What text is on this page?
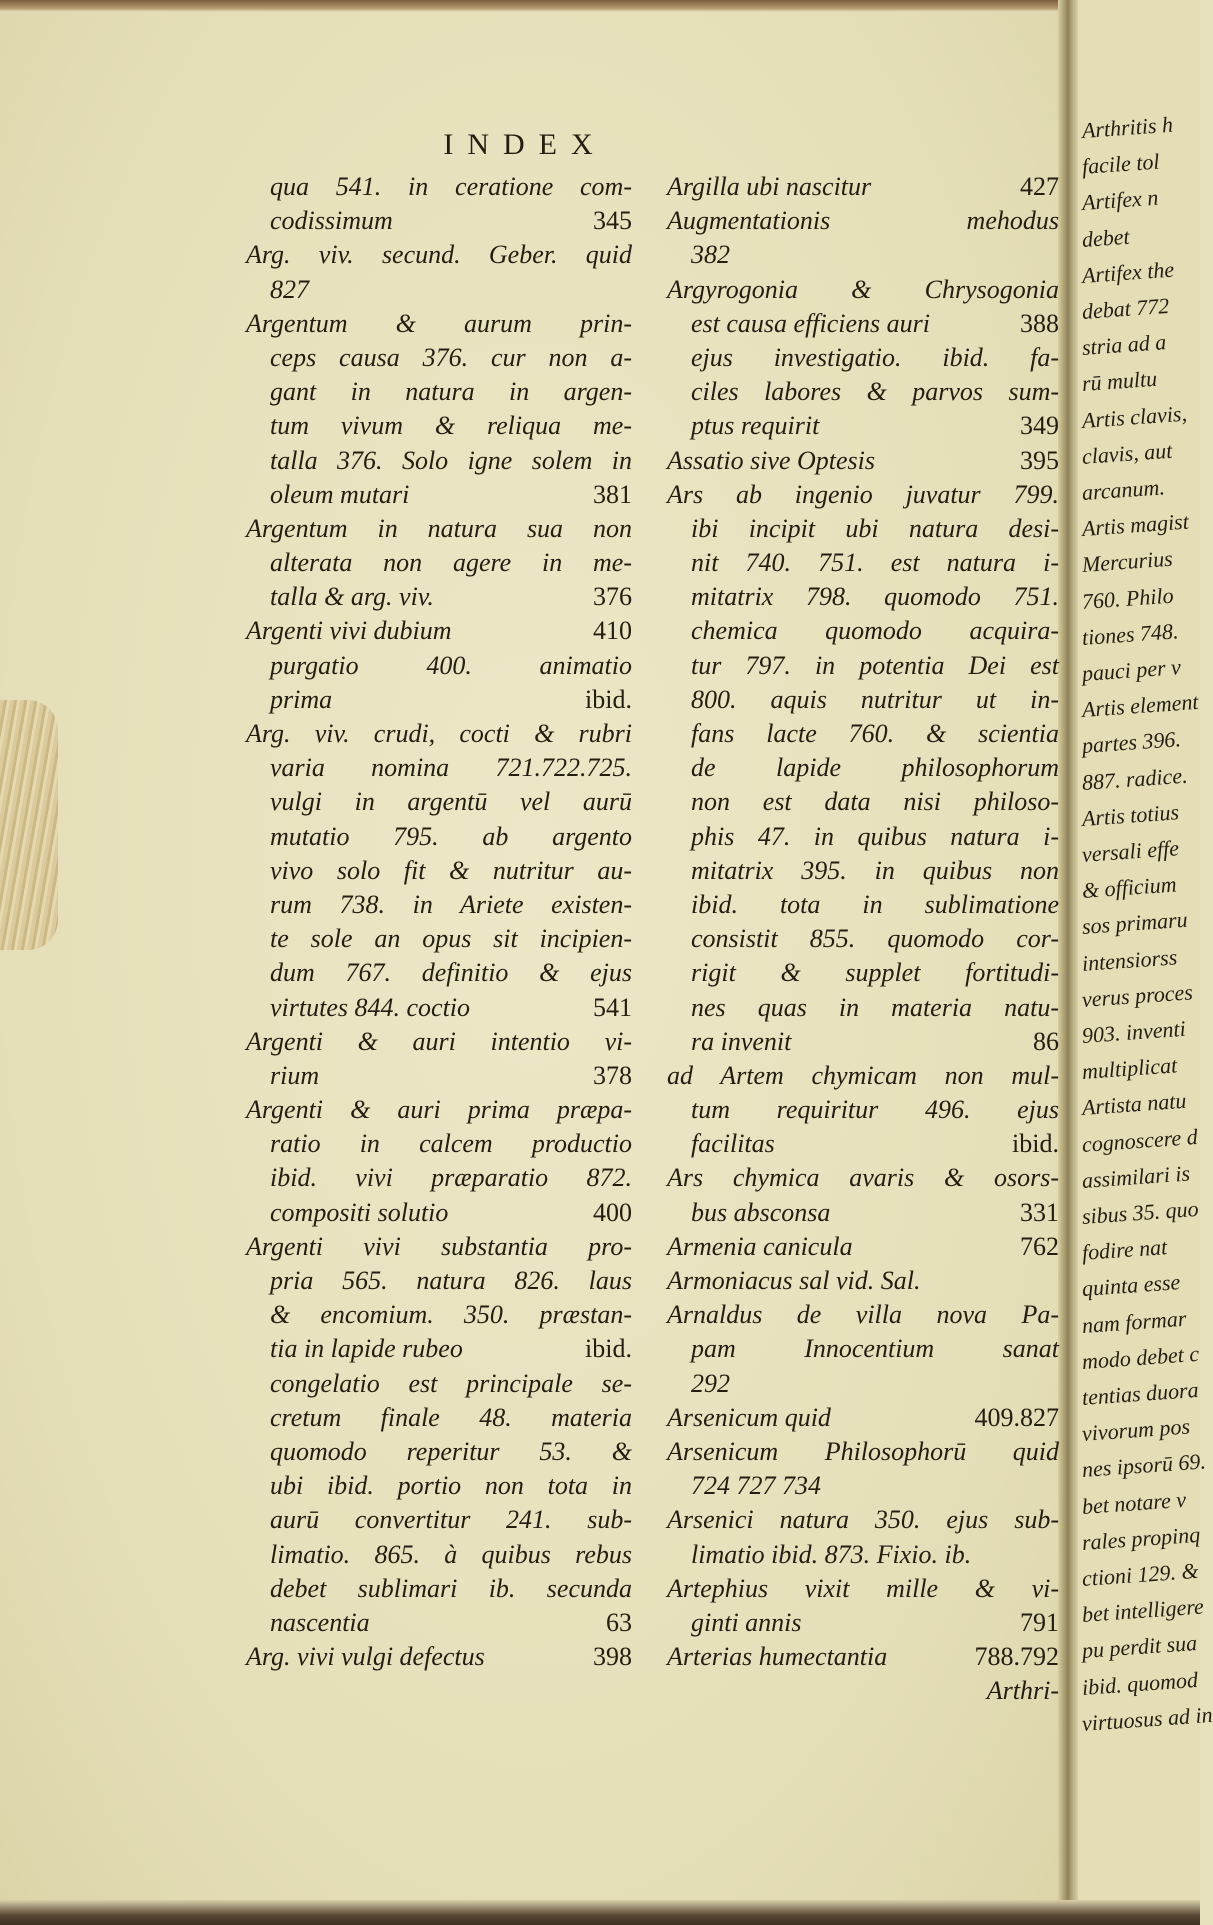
Arthritis h
facile tol
Artifex n
debet
Artifex the
debat 772
stria ad a
rū multu
Artis clavis,
clavis, aut
arcanum.
Artis magist
Mercurius
760. Philo
tiones 748.
pauci per v
Artis element
partes 396.
887. radice.
Artis totius
versali effe
& officium
sos primaru
intensiorss
verus proces
903. inventi
multiplicat
Artista natu
cognoscere d
assimilari is
sibus 35. quo
fodire nat
quinta esse
nam formar
modo debet c
tentias duora
vivorum pos
nes ipsorū 69.
bet notare v
rales propinq
ctioni 129. &
bet intelligere
pu perdit sua
ibid. quomod
virtuosus ad in
INDEX
qua 541. in ceratione com-
codissimum	345
Arg. viv. secund. Geber. quid
827
Argentum & aurum prin-
ceps causa 376. cur non a-
gant in natura in argen-
tum vivum & reliqua me-
talla 376. Solo igne solem in
oleum mutari	381
Argentum in natura sua non
alterata non agere in me-
talla & arg. viv.	376
Argenti vivi dubium	410
purgatio 400. animatio
prima	ibid.
Arg. viv. crudi, cocti & rubri
varia nomina 721.722.725.
vulgi in argentū vel aurū
mutatio 795. ab argento
vivo solo fit & nutritur au-
rum 738. in Ariete existen-
te sole an opus sit incipien-
dum 767. definitio & ejus
virtutes 844. coctio	541
Argenti & auri intentio vi-
rium	378
Argenti & auri prima præpa-
ratio in calcem productio
ibid. vivi præparatio 872.
compositi solutio	400
Argenti vivi substantia pro-
pria 565. natura 826. laus
& encomium. 350. præstan-
tia in lapide rubeo	ibid.
congelatio est principale se-
cretum finale 48. materia
quomodo reperitur 53. &
ubi ibid. portio non tota in
aurū convertitur 241. sub-
limatio. 865. à quibus rebus
debet sublimari ib. secunda
nascentia	63
Arg. vivi vulgi defectus	398
Argilla ubi nascitur	427
Augmentationis mehodus
382
Argyrogonia & Chrysogonia
est causa efficiens auri	388
ejus investigatio. ibid. fa-
ciles labores & parvos sum-
ptus requirit	349
Assatio sive Optesis	395
Ars ab ingenio juvatur 799.
ibi incipit ubi natura desi-
nit 740. 751. est natura i-
mitatrix 798. quomodo 751.
chemica quomodo acquira-
tur 797. in potentia Dei est
800. aquis nutritur ut in-
fans lacte 760. & scientia
de lapide philosophorum
non est data nisi philoso-
phis 47. in quibus natura i-
mitatrix 395. in quibus non
ibid. tota in sublimatione
consistit 855. quomodo cor-
rigit & supplet fortitudi-
nes quas in materia natu-
ra invenit	86
ad Artem chymicam non mul-
tum requiritur 496. ejus
facilitas	ibid.
Ars chymica avaris & osors-
bus absconsa	331
Armenia canicula	762
Armoniacus sal vid. Sal.
Arnaldus de villa nova Pa-
pam Innocentium sanat
292
Arsenicum quid	409.827
Arsenicum Philosophorū quid
724 727 734
Arsenici natura 350. ejus sub-
limatio ibid. 873. Fixio. ib.
Artephius vixit mille & vi-
ginti annis	791
Arterias humectantia	788.792
Arthri-
